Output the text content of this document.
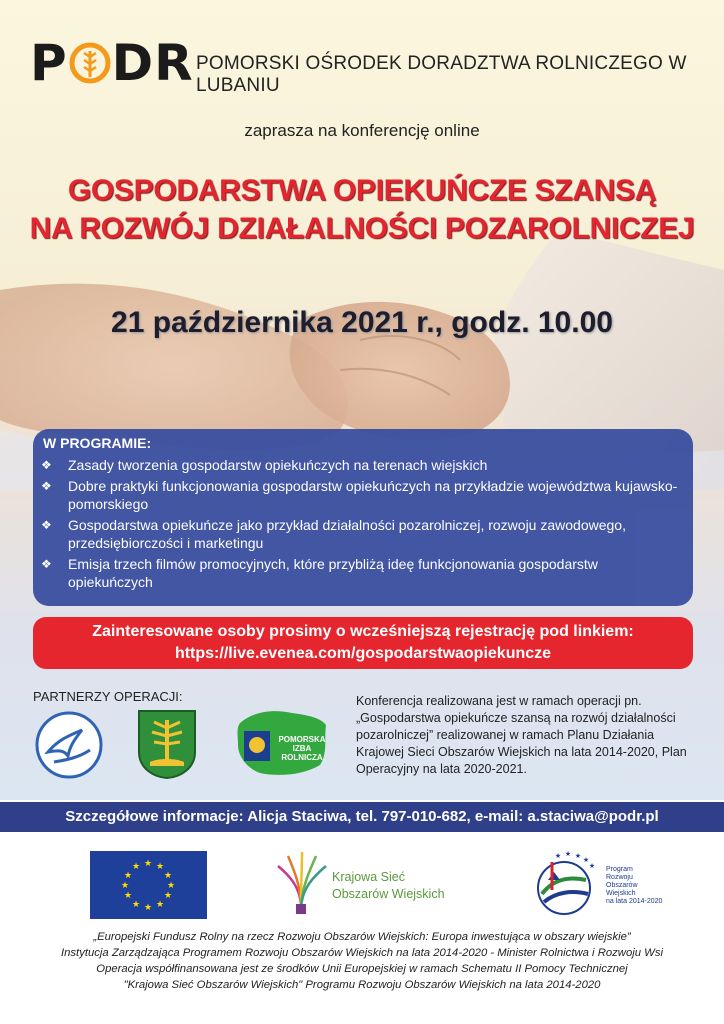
P DR POMORSKI OŚRODEK DORADZTWA ROLNICZEGO W LUBANIU
zaprasza na konferencję online
GOSPODARSTWA OPIEKUŃCZE SZANSĄ
NA ROZWÓJ DZIAŁALNOŚCI POZAROLNICZEJ
21 października 2021 r., godz. 10.00
W PROGRAMIE:
❖	Zasady tworzenia gospodarstw opiekuńczych na terenach wiejskich
❖	Dobre praktyki funkcjonowania gospodarstw opiekuńczych na przykładzie województwa kujawsko-pomorskiego
❖	Gospodarstwa opiekuńcze jako przykład działalności pozarolniczej, rozwoju zawodowego, przedsiębiorczości i marketingu
❖	Emisja trzech filmów promocyjnych, które przybliżą ideę funkcjonowania gospodarstw opiekuńczych
Zainteresowane osoby prosimy o wcześniejszą rejestrację pod linkiem:
https://live.evenea.com/gospodarstwaopiekuncze
PARTNERZY OPERACJI:
POMORSKA
IZBA
ROLNICZA
Konferencja realizowana jest w ramach operacji pn.„Gospodarstwa opiekuńcze szansą na rozwój działalności pozarolniczej” realizowanej w ramach Planu Działania Krajowej Sieci Obszarów Wiejskich na lata 2014-2020, Plan Operacyjny na lata 2020-2021.
Szczegółowe informacje: Alicja Staciwa, tel. 797-010-682, e-mail: a.staciwa@podr.pl
★ ★
★
★
★
★
★
★
★
★
★
★
Krajowa Sieć
Obszarów Wiejskich
★ ★ ★ ★
★ Program
Rozwoju
Obszarów
Wiejskich
na lata 2014-2020
„Europejski Fundusz Rolny na rzecz Rozwoju Obszarów Wiejskich: Europa inwestująca w obszary wiejskie”
Instytucja Zarządzająca Programem Rozwoju Obszarów Wiejskich na lata 2014-2020 - Minister Rolnictwa i Rozwoju Wsi
Operacja współfinansowana jest ze środków Unii Europejskiej w ramach Schematu II Pomocy Technicznej
"Krajowa Sieć Obszarów Wiejskich" Programu Rozwoju Obszarów Wiejskich na lata 2014-2020
